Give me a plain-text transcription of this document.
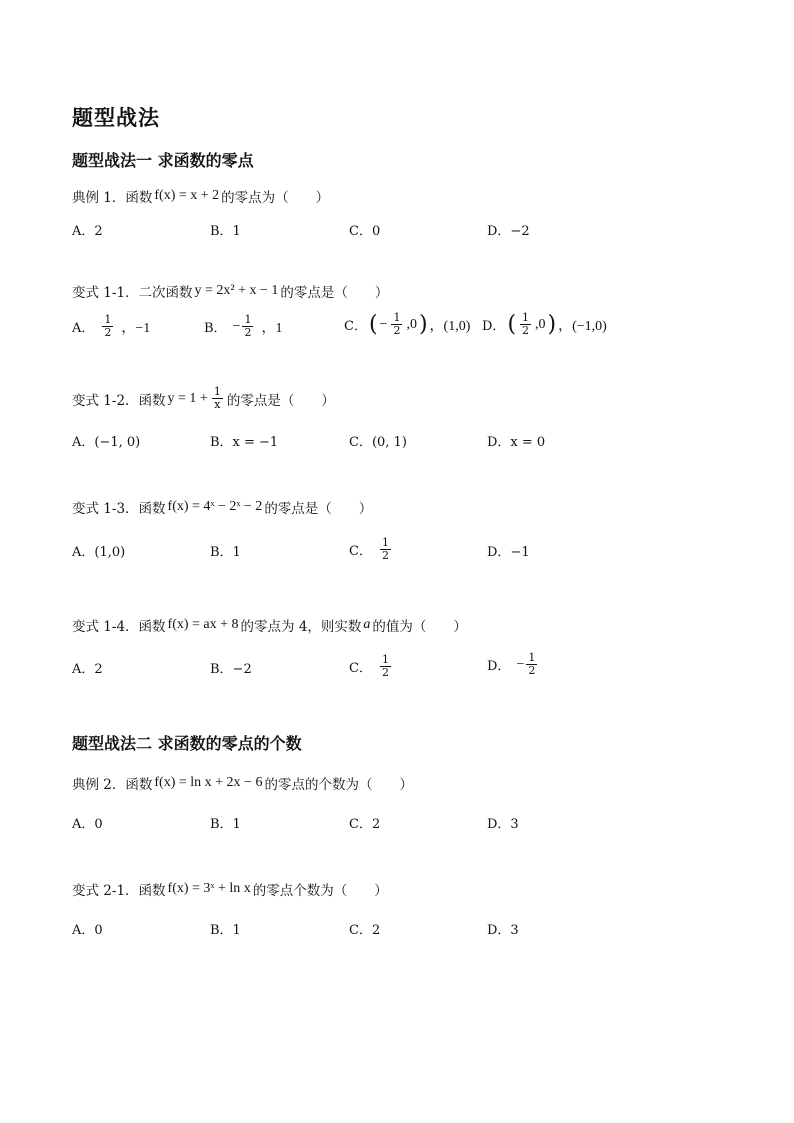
题型战法
题型战法一 求函数的零点
典例 1．函数 f(x) = x + 2 的零点为（　　）
A．2	B．1	C．0	D．−2
变式 1-1．二次函数 y = 2x² + x − 1 的零点是（　　）
A． $\frac{1}{2}$ ，−1	B． − $\frac{1}{2}$ ，1	C． ( − $\frac{1}{2} ,0$ ) ，(1,0) D． ( $\frac{1}{2} ,0$ ) ，(−1,0)
变式 1-2．函数 $y = 1 + \frac{1}{x}$ 的零点是（　　）
A．(−1, 0)	B．x = −1	C．(0, 1)	D．x = 0
变式 1-3．函数 f(x) = 4ˣ − 2ˣ − 2 的零点是（　　）
A．(1,0)	B．1	C． $\frac{1}{2}$	D．−1
变式 1-4．函数 f(x) = ax + 8 的零点为 4，则实数 a 的值为（　　）
A．2	B．−2	C． $\frac{1}{2}$	D． − $\frac{1}{2}$
题型战法二 求函数的零点的个数
典例 2．函数 f(x) = ln x + 2x − 6 的零点的个数为（　　）
A．0	B．1	C．2	D．3
变式 2-1．函数 f(x) = 3ˣ + ln x 的零点个数为（　　）
A．0	B．1	C．2	D．3
